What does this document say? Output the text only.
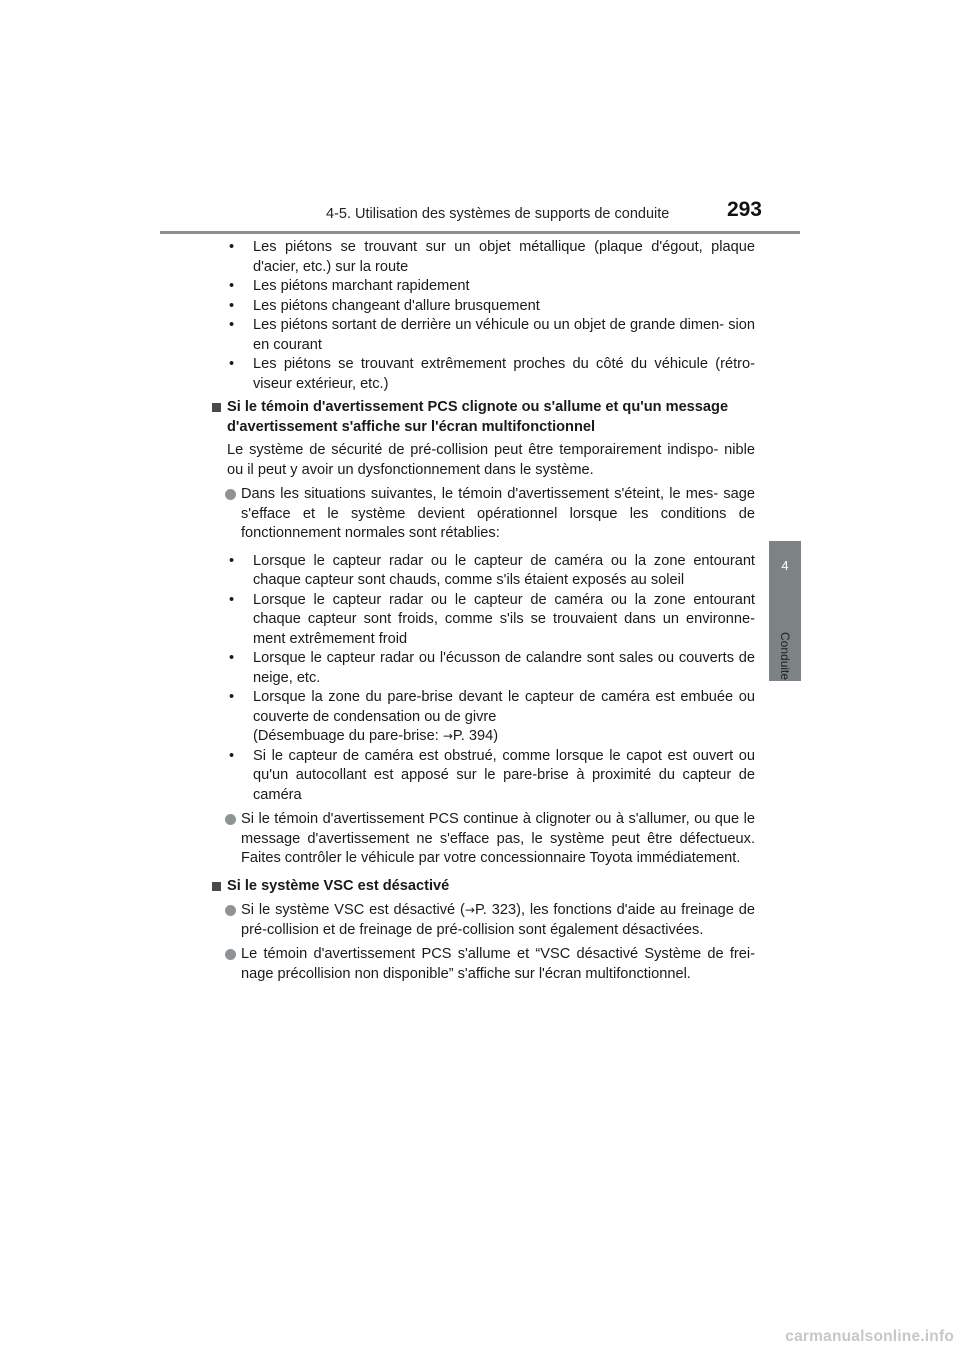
4-5. Utilisation des systèmes de supports de conduite	293
4
Conduite
• Les piétons se trouvant sur un objet métallique (plaque d'égout, plaque d'acier, etc.) sur la route
• Les piétons marchant rapidement
• Les piétons changeant d'allure brusquement
• Les piétons sortant de derrière un véhicule ou un objet de grande dimen- sion en courant
• Les piétons se trouvant extrêmement proches du côté du véhicule (rétro- viseur extérieur, etc.)
Si le témoin d'avertissement PCS clignote ou s'allume et qu'un message d'avertissement s'affiche sur l'écran multifonctionnel
Le système de sécurité de pré-collision peut être temporairement indispo- nible ou il peut y avoir un dysfonctionnement dans le système.
Dans les situations suivantes, le témoin d'avertissement s'éteint, le mes- sage s'efface et le système devient opérationnel lorsque les conditions de fonctionnement normales sont rétablies:
• Lorsque le capteur radar ou le capteur de caméra ou la zone entourant chaque capteur sont chauds, comme s'ils étaient exposés au soleil
• Lorsque le capteur radar ou le capteur de caméra ou la zone entourant chaque capteur sont froids, comme s'ils se trouvaient dans un environne- ment extrêmement froid
• Lorsque le capteur radar ou l'écusson de calandre sont sales ou couverts de neige, etc.
• Lorsque la zone du pare-brise devant le capteur de caméra est embuée ou couverte de condensation ou de givre
(Désembuage du pare-brise: →P. 394)
• Si le capteur de caméra est obstrué, comme lorsque le capot est ouvert ou qu'un autocollant est apposé sur le pare-brise à proximité du capteur de caméra
Si le témoin d'avertissement PCS continue à clignoter ou à s'allumer, ou que le message d'avertissement ne s'efface pas, le système peut être défectueux. Faites contrôler le véhicule par votre concessionnaire Toyota immédiatement.
Si le système VSC est désactivé
Si le système VSC est désactivé (→P. 323), les fonctions d'aide au freinage de pré-collision et de freinage de pré-collision sont également désactivées.
Le témoin d'avertissement PCS s'allume et “VSC désactivé Système de frei- nage précollision non disponible” s'affiche sur l'écran multifonctionnel.
carmanualsonline.info
